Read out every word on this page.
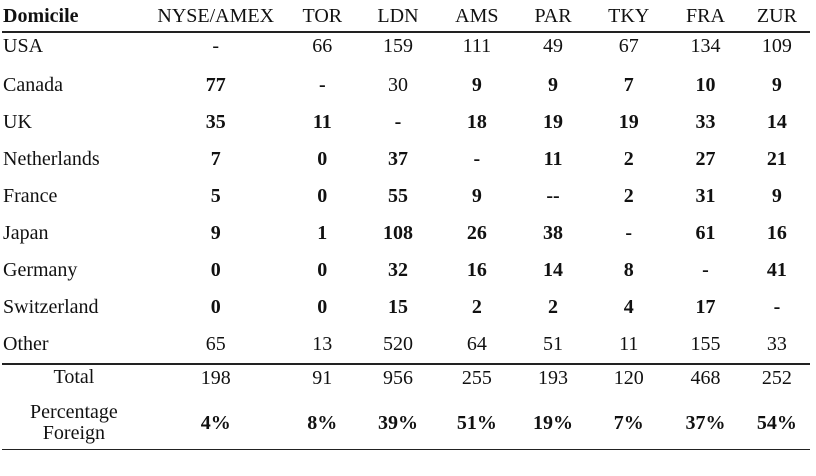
Domicile	NYSE/AMEX	TOR	LDN	AMS	PAR	TKY	FRA	ZUR
USA	-	66	159	111	49	67	134	109
Canada	77	-	30	9	9	7	10	9
UK	35	11	-	18	19	19	33	14
Netherlands	7	0	37	-	11	2	27	21
France	5	0	55	9	--	2	31	9
Japan	9	1	108	26	38	-	61	16
Germany	0	0	32	16	14	8	-	41
Switzerland	0	0	15	2	2	4	17	-
Other	65	13	520	64	51	11	155	33
Total	198	91	956	255	193	120	468	252
Percentage Foreign	4%	8%	39%	51%	19%	7%	37%	54%
